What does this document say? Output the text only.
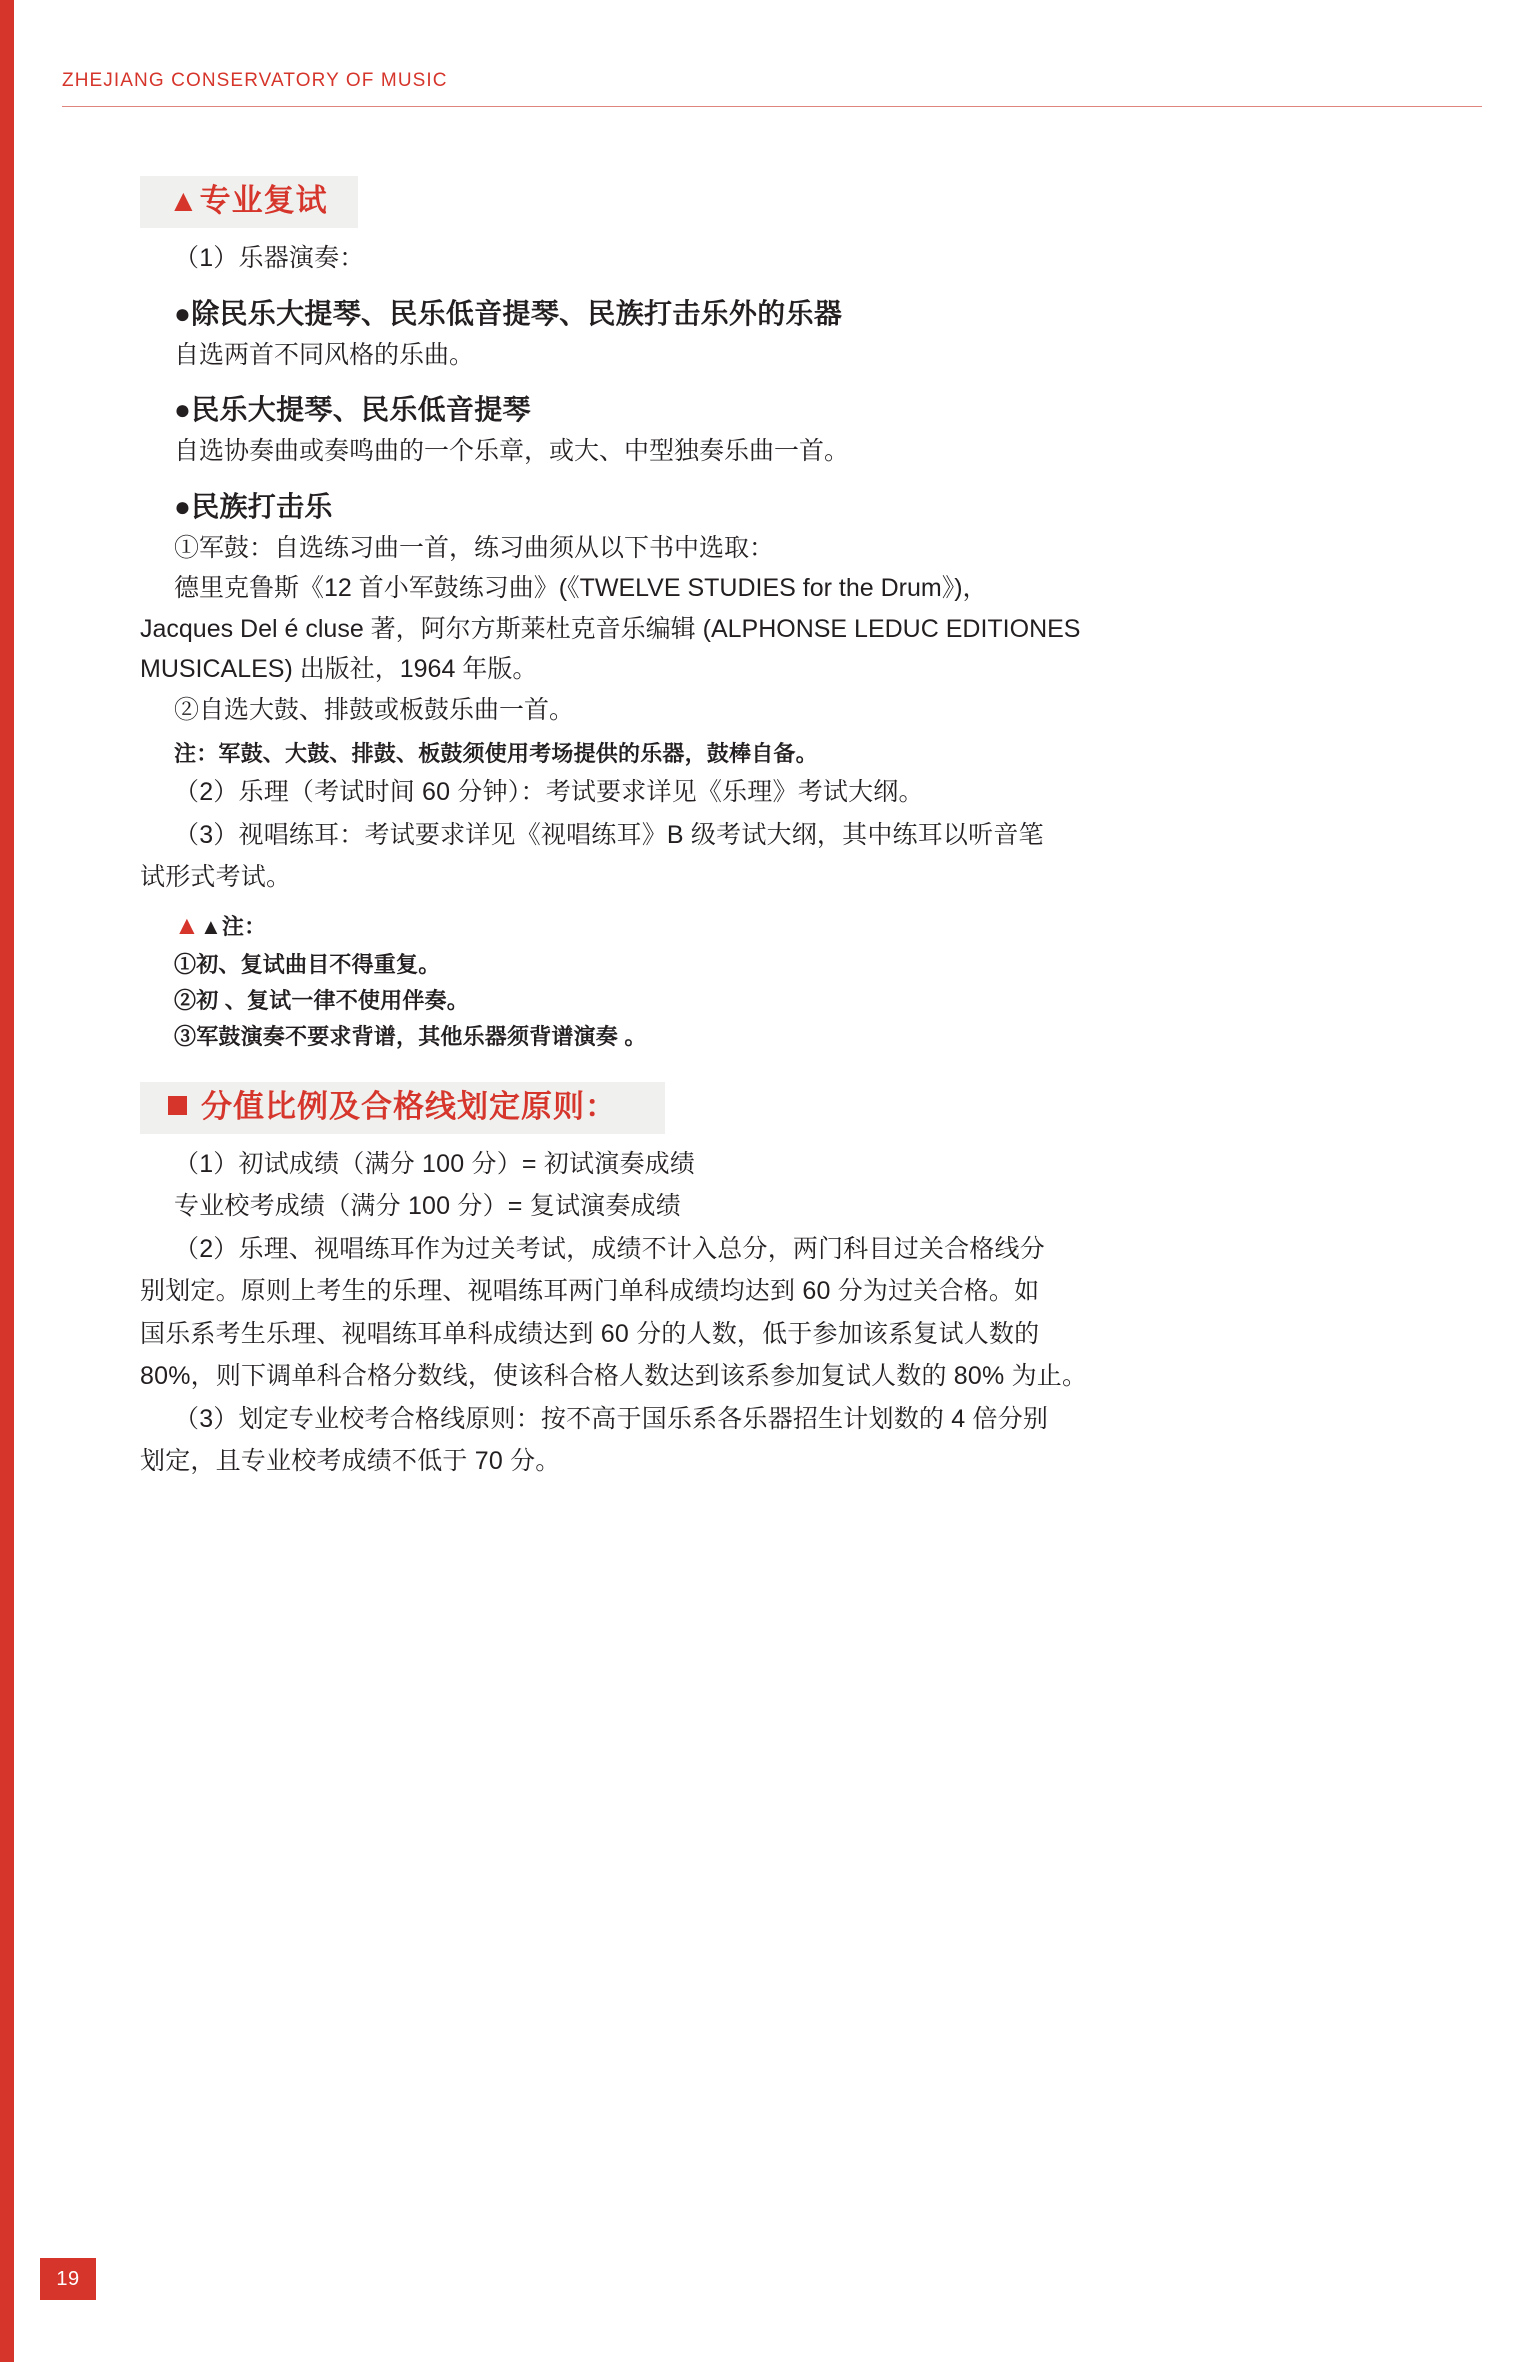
ZHEJIANG CONSERVATORY OF MUSIC
▲专业复试

（1）乐器演奏：

●除民乐大提琴、民乐低音提琴、民族打击乐外的乐器

自选两首不同风格的乐曲。

●民乐大提琴、民乐低音提琴

自选协奏曲或奏鸣曲的一个乐章，或大、中型独奏乐曲一首。

●民族打击乐

①军鼓：自选练习曲一首，练习曲须从以下书中选取：

德里克鲁斯《12 首小军鼓练习曲》(《TWELVE STUDIES for the Drum》)，

Jacques Del é cluse 著，阿尔方斯莱杜克音乐编辑 (ALPHONSE LEDUC EDITIONES

MUSICALES) 出版社，1964 年版。

②自选大鼓、排鼓或板鼓乐曲一首。

注：军鼓、大鼓、排鼓、板鼓须使用考场提供的乐器，鼓棒自备。

（2）乐理（考试时间 60 分钟）：考试要求详见《乐理》考试大纲。

（3）视唱练耳：考试要求详见《视唱练耳》B 级考试大纲，其中练耳以听音笔

试形式考试。

▲▲注：

①初、复试曲目不得重复。

②初 、复试一律不使用伴奏。

③军鼓演奏不要求背谱，其他乐器须背谱演奏 。

分值比例及合格线划定原则：

（1）初试成绩（满分 100 分）= 初试演奏成绩

专业校考成绩（满分 100 分）= 复试演奏成绩

（2）乐理、视唱练耳作为过关考试，成绩不计入总分，两门科目过关合格线分

别划定。原则上考生的乐理、视唱练耳两门单科成绩均达到 60 分为过关合格。如

国乐系考生乐理、视唱练耳单科成绩达到 60 分的人数，低于参加该系复试人数的

80%，则下调单科合格分数线，使该科合格人数达到该系参加复试人数的 80% 为止。

（3）划定专业校考合格线原则：按不高于国乐系各乐器招生计划数的 4 倍分别

划定，且专业校考成绩不低于 70 分。

19
